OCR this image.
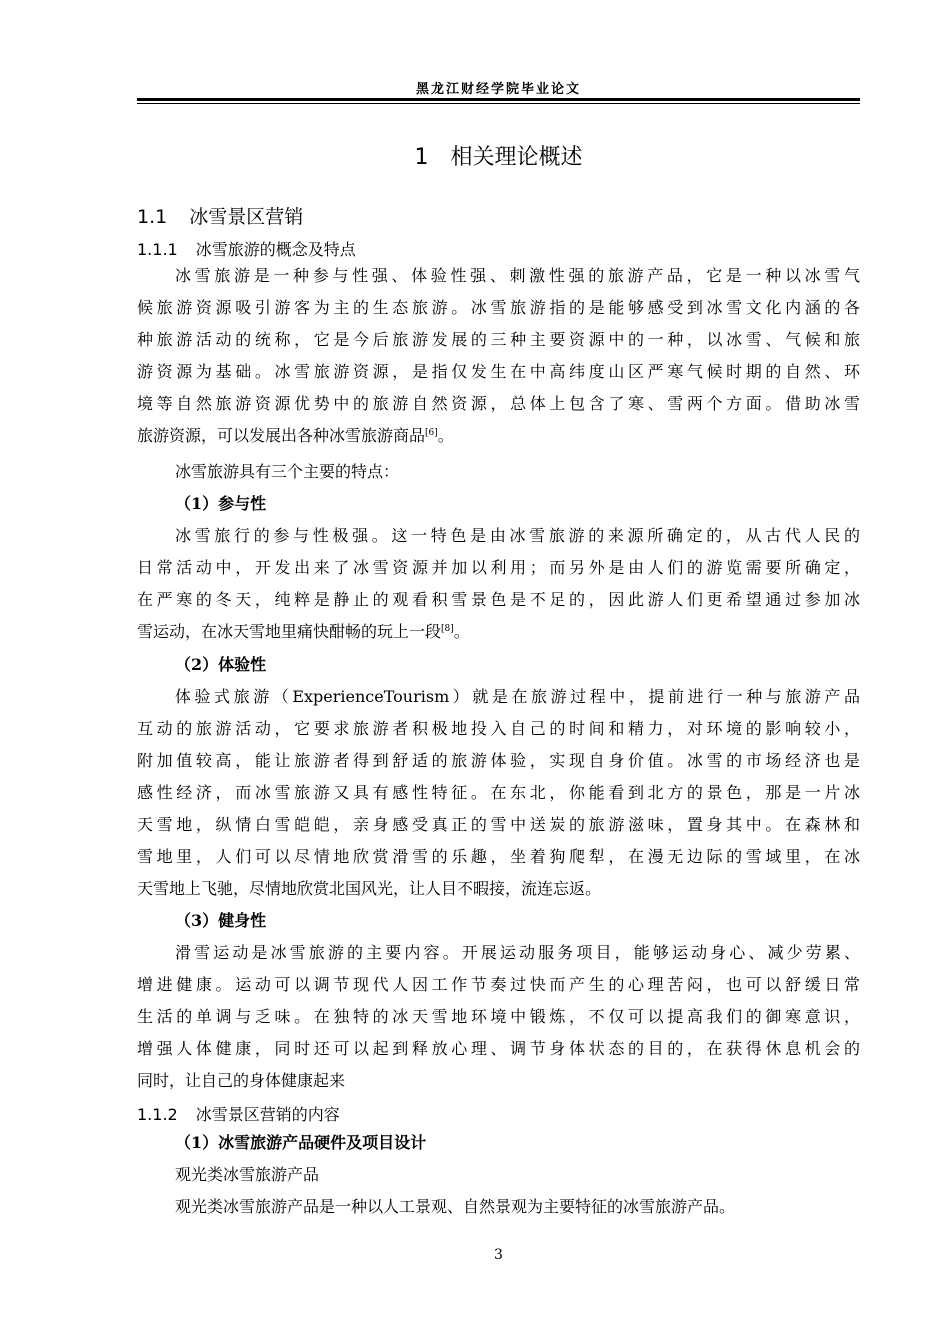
黑龙江财经学院毕业论文
1 相关理论概述
1.1 冰雪景区营销
1.1.1 冰雪旅游的概念及特点
冰雪旅游是一种参与性强、体验性强、刺激性强的旅游产品，它是一种以冰雪气
候旅游资源吸引游客为主的生态旅游。冰雪旅游指的是能够感受到冰雪文化内涵的各
种旅游活动的统称，它是今后旅游发展的三种主要资源中的一种，以冰雪、气候和旅
游资源为基础。冰雪旅游资源，是指仅发生在中高纬度山区严寒气候时期的自然、环
境等自然旅游资源优势中的旅游自然资源，总体上包含了寒、雪两个方面。借助冰雪
旅游资源，可以发展出各种冰雪旅游商品[6]。
冰雪旅游具有三个主要的特点：
（1）参与性
冰雪旅行的参与性极强。这一特色是由冰雪旅游的来源所确定的，从古代人民的
日常活动中，开发出来了冰雪资源并加以利用；而另外是由人们的游览需要所确定，
在严寒的冬天，纯粹是静止的观看积雪景色是不足的，因此游人们更希望通过参加冰
雪运动，在冰天雪地里痛快酣畅的玩上一段[8]。
（2）体验性
体验式旅游（ExperienceTourism）就是在旅游过程中，提前进行一种与旅游产品
互动的旅游活动，它要求旅游者积极地投入自己的时间和精力，对环境的影响较小，
附加值较高，能让旅游者得到舒适的旅游体验，实现自身价值。冰雪的市场经济也是
感性经济，而冰雪旅游又具有感性特征。在东北，你能看到北方的景色，那是一片冰
天雪地，纵情白雪皑皑，亲身感受真正的雪中送炭的旅游滋味，置身其中。在森林和
雪地里，人们可以尽情地欣赏滑雪的乐趣，坐着狗爬犁，在漫无边际的雪域里，在冰
天雪地上飞驰，尽情地欣赏北国风光，让人目不暇接，流连忘返。
（3）健身性
滑雪运动是冰雪旅游的主要内容。开展运动服务项目，能够运动身心、减少劳累、
增进健康。运动可以调节现代人因工作节奏过快而产生的心理苦闷，也可以舒缓日常
生活的单调与乏味。在独特的冰天雪地环境中锻炼，不仅可以提高我们的御寒意识，
增强人体健康，同时还可以起到释放心理、调节身体状态的目的，在获得休息机会的
同时，让自己的身体健康起来
1.1.2 冰雪景区营销的内容
（1）冰雪旅游产品硬件及项目设计
观光类冰雪旅游产品
观光类冰雪旅游产品是一种以人工景观、自然景观为主要特征的冰雪旅游产品。
3
